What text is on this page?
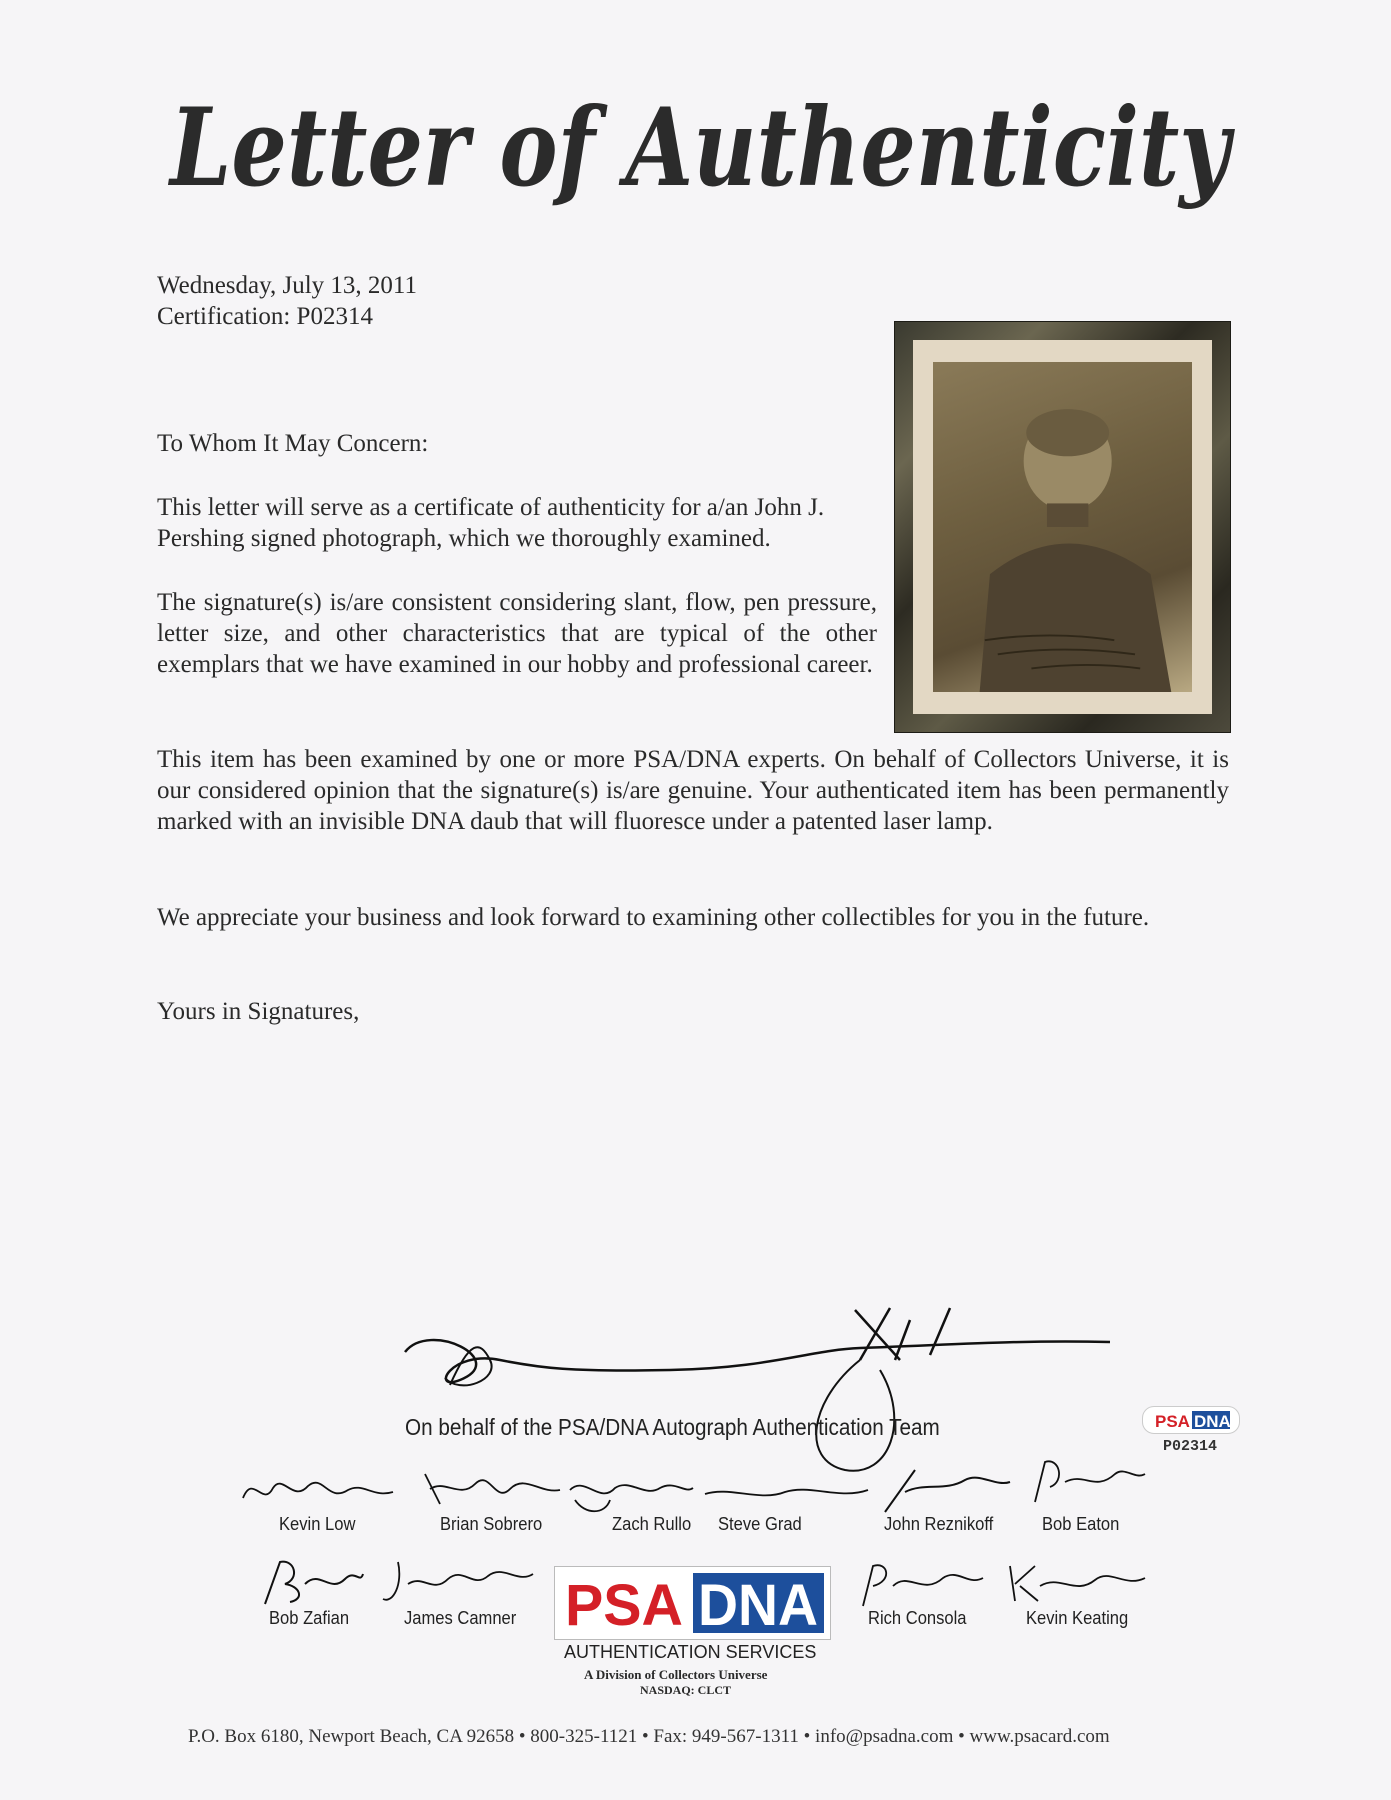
Letter of Authenticity
Wednesday, July 13, 2011
Certification: P02314
To Whom It May Concern:
This letter will serve as a certificate of authenticity for a/an John J. Pershing signed photograph, which we thoroughly examined.
The signature(s) is/are consistent considering slant, flow, pen pressure, letter size, and other characteristics that are typical of the other exemplars that we have examined in our hobby and professional career.
This item has been examined by one or more PSA/DNA experts. On behalf of Collectors Universe, it is our considered opinion that the signature(s) is/are genuine. Your authenticated item has been permanently marked with an invisible DNA daub that will fluoresce under a patented laser lamp.
We appreciate your business and look forward to examining other collectibles for you in the future.
Yours in Signatures,
On behalf of the PSA/DNA Autograph Authentication Team	PSA DNA
P02314
Kevin Low	Brian Sobrero	Zach Rullo Steve Grad	John Reznikoff	Bob Eaton
Bob Zafian	James Camner	Rich Consola	Kevin Keating
PSA DNA
AUTHENTICATION SERVICES
A Division of Collectors Universe
NASDAQ: CLCT
P.O. Box 6180, Newport Beach, CA 92658 • 800-325-1121 • Fax: 949-567-1311 • info@psadna.com • www.psacard.com
